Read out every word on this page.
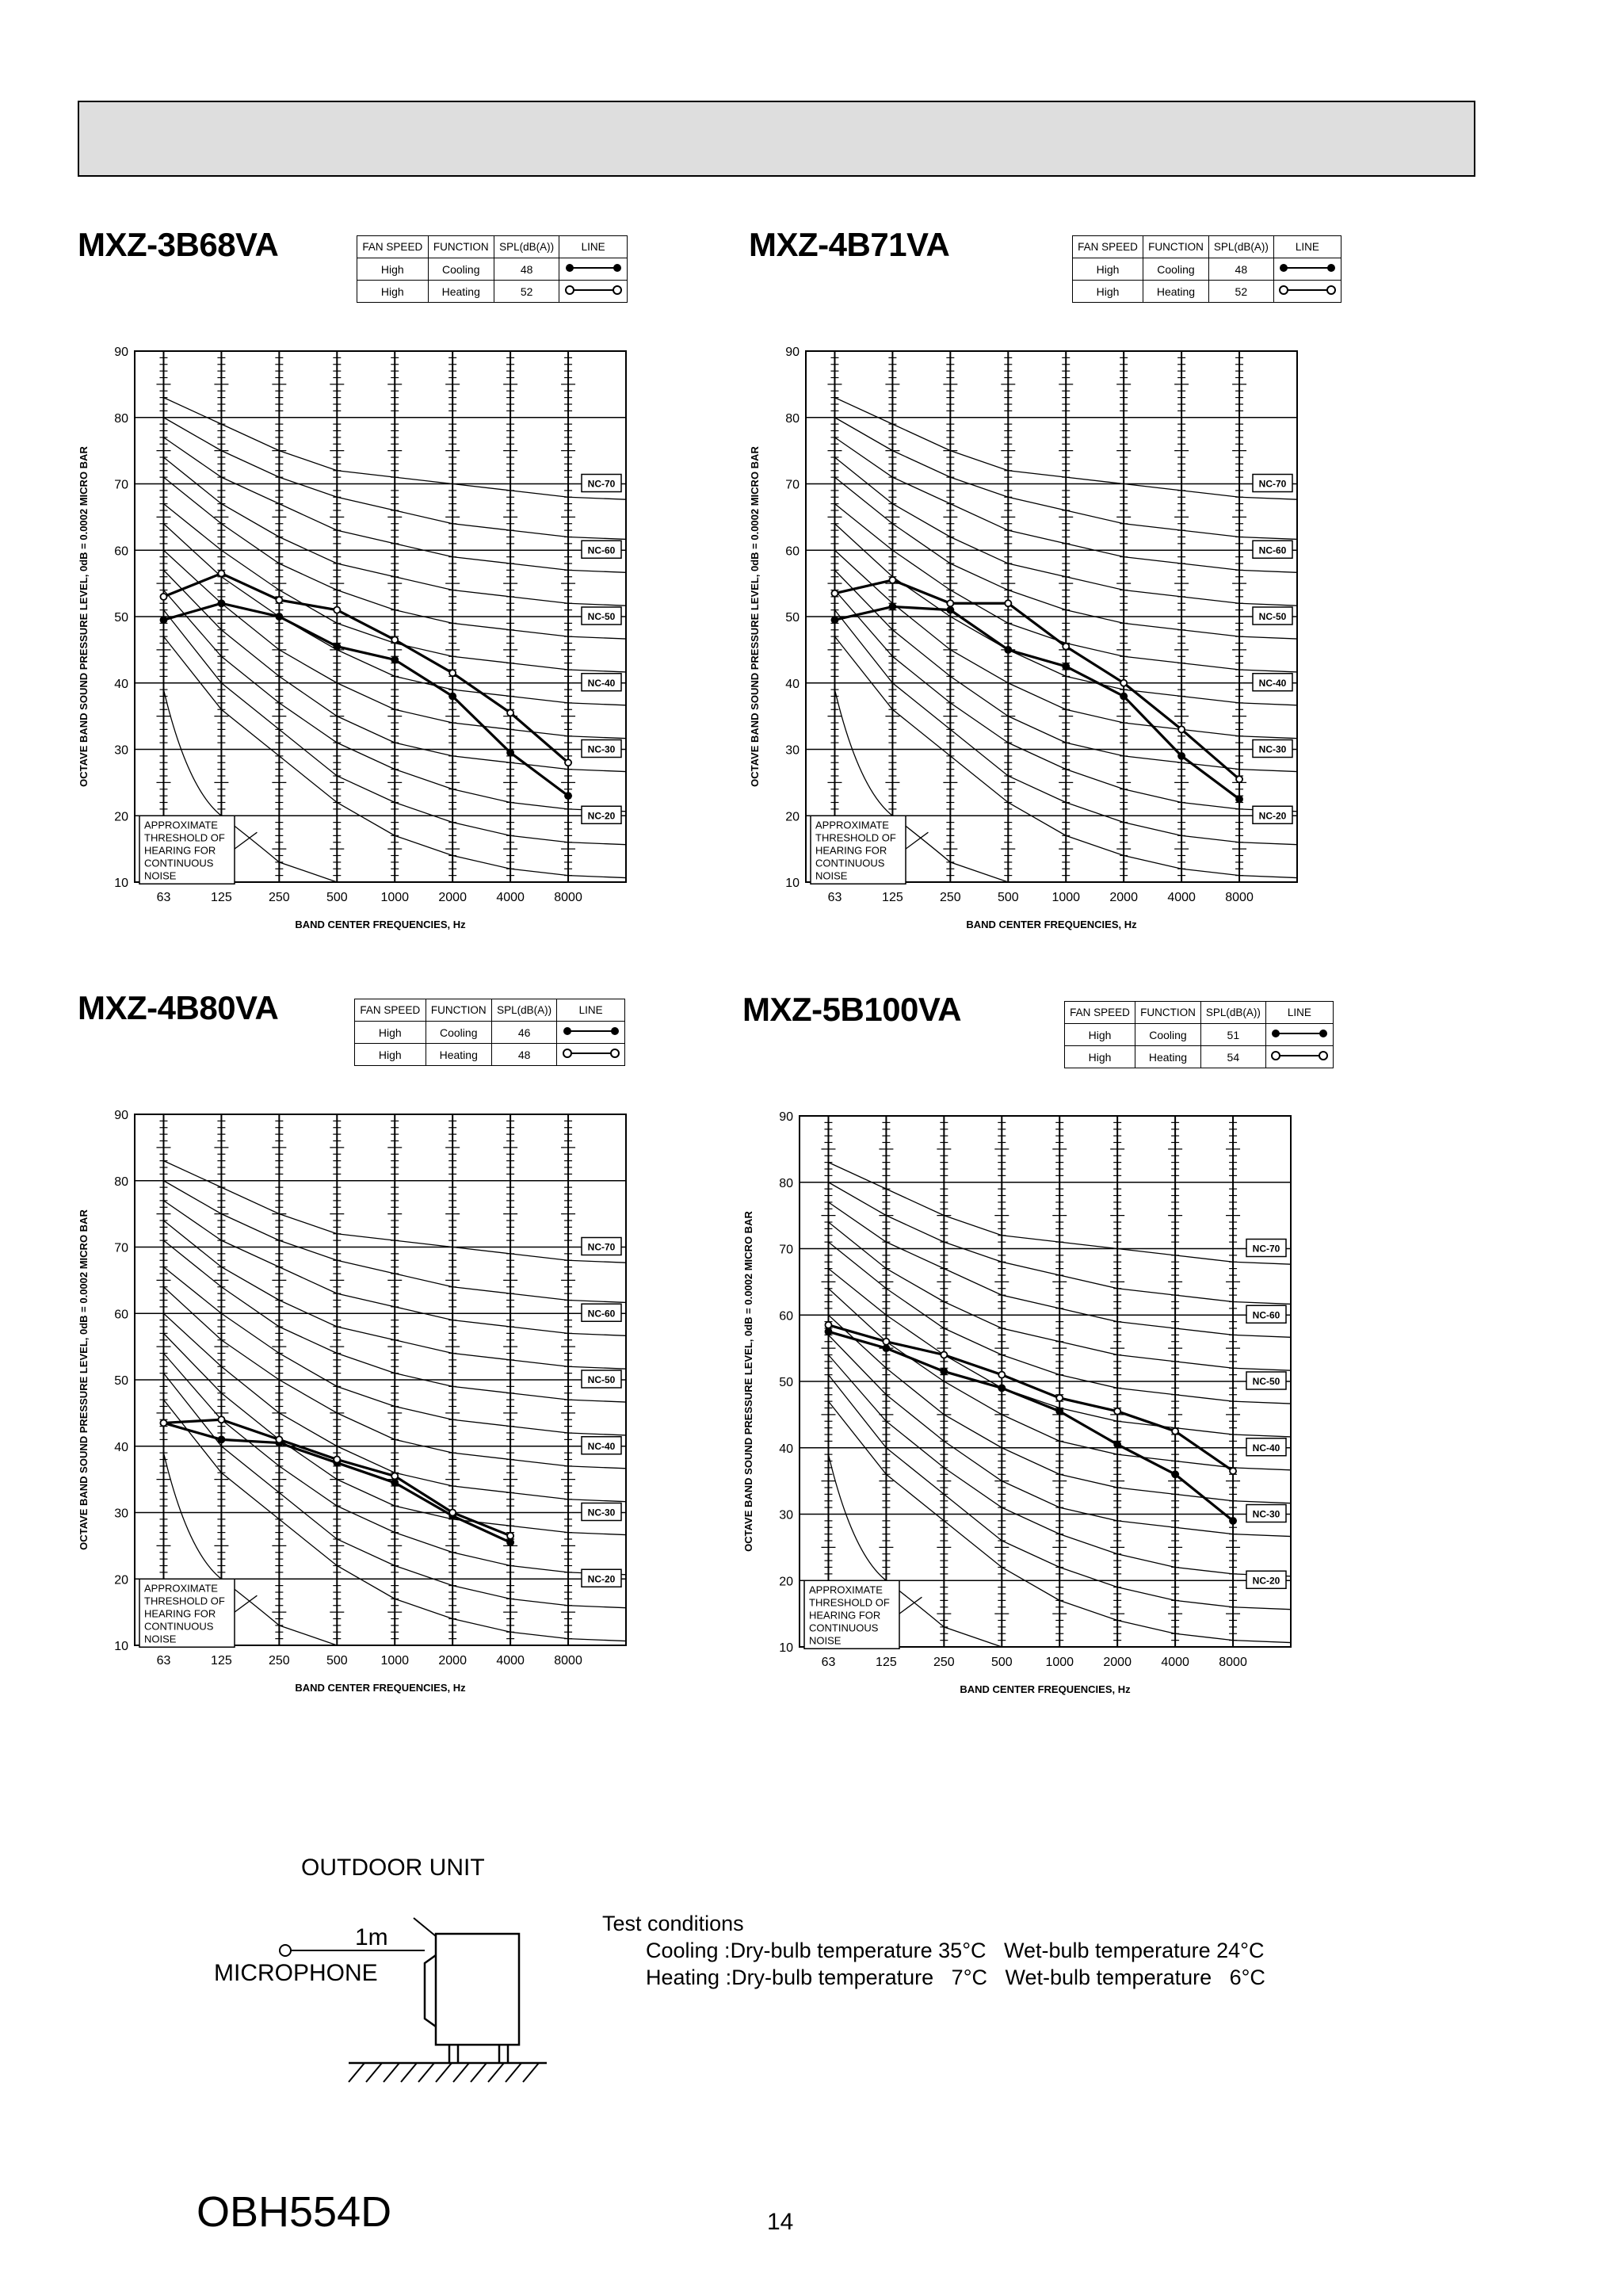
MXZ-3B68VA	FAN SPEED	FUNCTION	SPL(dB(A))	LINE
High	Cooling	48	
High	Heating	52	
10
20
30
40
50
60
70
80
90
63	125	250	500	1000 2000 4000 8000
NC-70
NC-60
NC-50
NC-40
NC-30
NC-20
APPROXIMATE
THRESHOLD OF
HEARING FOR
CONTINUOUS
NOISE
BAND CENTER FREQUENCIES, Hz
OCTAVE BAND SOUND PRESSURE LEVEL, 0dB = 0.0002 MICRO BAR
MXZ-4B71VA	FAN SPEED	FUNCTION	SPL(dB(A))	LINE
High	Cooling	48	
High	Heating	52	
10
20
30
40
50
60
70
80
90
63	125	250	500	1000 2000 4000 8000
NC-70
NC-60
NC-50
NC-40
NC-30
NC-20
APPROXIMATE
THRESHOLD OF
HEARING FOR
CONTINUOUS
NOISE
BAND CENTER FREQUENCIES, Hz
OCTAVE BAND SOUND PRESSURE LEVEL, 0dB = 0.0002 MICRO BAR
MXZ-4B80VA	FAN SPEED	FUNCTION	SPL(dB(A))	LINE
High	Cooling	46	
High	Heating	48	
10
20
30
40
50
60
70
80
90
63	125	250	500	1000 2000 4000 8000
NC-70
NC-60
NC-50
NC-40
NC-30
NC-20
APPROXIMATE
THRESHOLD OF
HEARING FOR
CONTINUOUS
NOISE
BAND CENTER FREQUENCIES, Hz
OCTAVE BAND SOUND PRESSURE LEVEL, 0dB = 0.0002 MICRO BAR
MXZ-5B100VA	FAN SPEED	FUNCTION	SPL(dB(A))	LINE
High	Cooling	51	
High	Heating	54	
10
20
30
40
50
60
70
80
90
63	125	250	500	1000 2000 4000 8000
NC-70
NC-60
NC-50
NC-40
NC-30
NC-20
APPROXIMATE
THRESHOLD OF
HEARING FOR
CONTINUOUS
NOISE
BAND CENTER FREQUENCIES, Hz
OCTAVE BAND SOUND PRESSURE LEVEL, 0dB = 0.0002 MICRO BAR
OUTDOOR UNIT
1m
MICROPHONE
Test conditions
Cooling :Dry-bulb temperature 35°C   Wet-bulb temperature 24°C
Heating :Dry-bulb temperature   7°C   Wet-bulb temperature   6°C

OBH554D	14
